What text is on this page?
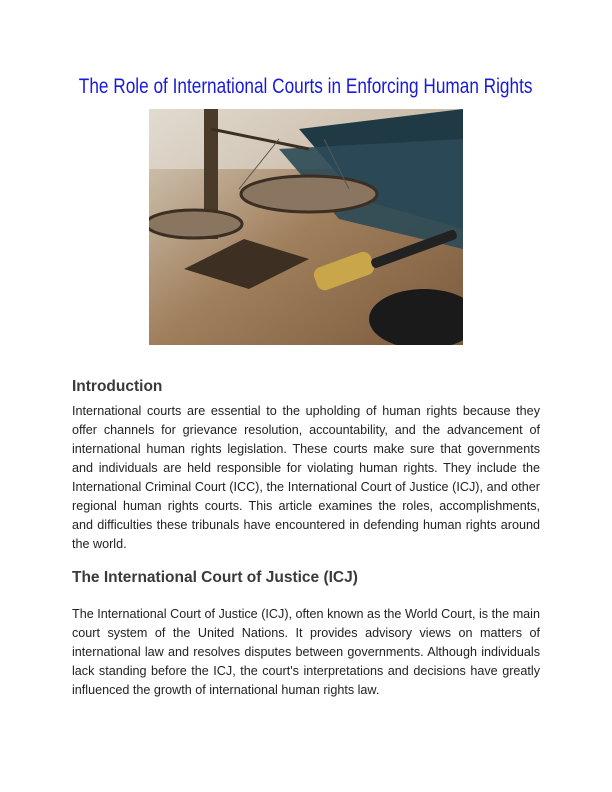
The Role of International Courts in Enforcing Human Rights
Introduction
International courts are essential to the upholding of human rights because they offer channels for grievance resolution, accountability, and the advancement of international human rights legislation. These courts make sure that governments and individuals are held responsible for violating human rights. They include the International Criminal Court (ICC), the International Court of Justice (ICJ), and other regional human rights courts. This article examines the roles, accomplishments, and difficulties these tribunals have encountered in defending human rights around the world.
The International Court of Justice (ICJ)
The International Court of Justice (ICJ), often known as the World Court, is the main court system of the United Nations. It provides advisory views on matters of international law and resolves disputes between governments. Although individuals lack standing before the ICJ, the court's interpretations and decisions have greatly influenced the growth of international human rights law.
